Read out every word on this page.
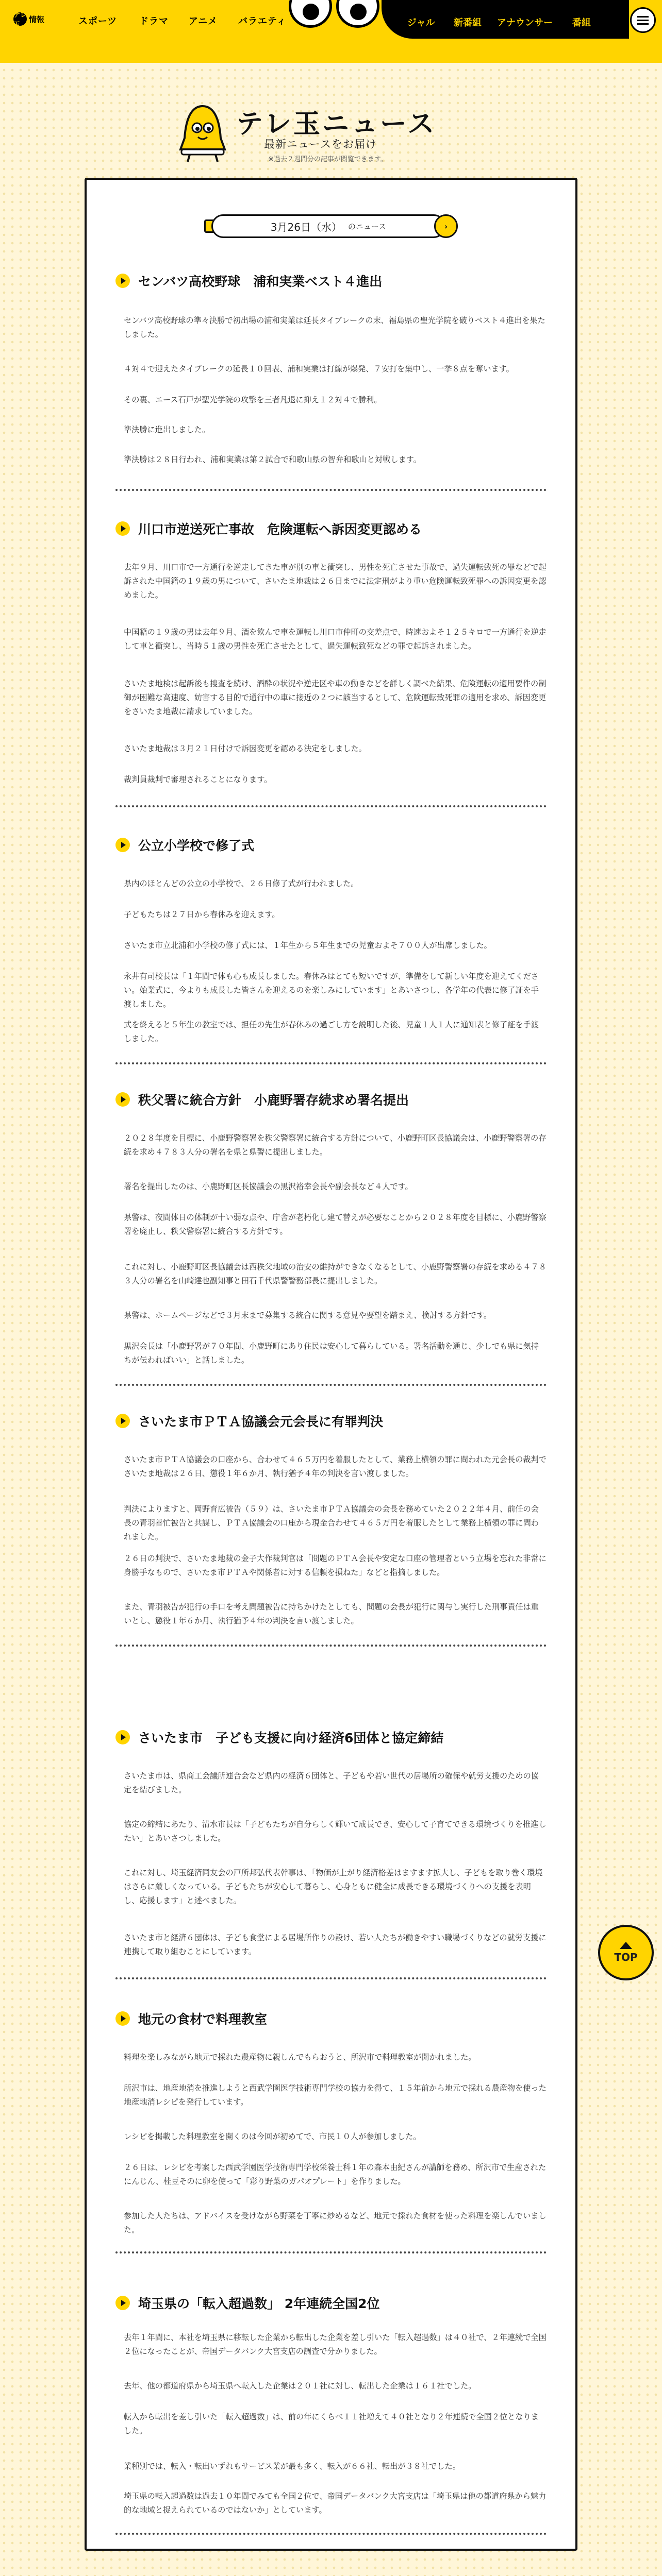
テレ玉
情報	スポーツ ドラマ アニメ バラエティ	ジャル 新番組 アナウンサー 番組
テレ玉ニュース
最新ニュースをお届け
※過去２週間分の記事が閲覧できます。
3月26日（水） のニュース	›
センバツ高校野球　浦和実業ベスト４進出

センバツ高校野球の準々決勝で初出場の浦和実業は延長タイブレークの末、福島県の聖光学院を破りベスト４進出を果たしました。

４対４で迎えたタイブレークの延長１０回表、浦和実業は打線が爆発、７安打を集中し、一挙８点を奪います。

その裏、エース石戸が聖光学院の攻撃を三者凡退に抑え１２対４で勝利。

準決勝に進出しました。

準決勝は２８日行われ、浦和実業は第２試合で和歌山県の智弁和歌山と対戦します。

川口市逆送死亡事故　危険運転へ訴因変更認める

去年９月、川口市で一方通行を逆走してきた車が別の車と衝突し、男性を死亡させた事故で、過失運転致死の罪などで起訴された中国籍の１９歳の男について、さいたま地裁は２６日までに法定刑がより重い危険運転致死罪への訴因変更を認めました。

中国籍の１９歳の男は去年９月、酒を飲んで車を運転し川口市仲町の交差点で、時速およそ１２５キロで一方通行を逆走して車と衝突し、当時５１歳の男性を死亡させたとして、過失運転致死などの罪で起訴されました。

さいたま地検は起訴後も捜査を続け、酒酔の状況や逆走区や車の動きなどを詳しく調べた結果、危険運転の適用要件の制御が困難な高速度、妨害する目的で通行中の車に接近の２つに該当するとして、危険運転致死罪の適用を求め、訴因変更をさいたま地裁に請求していました。

さいたま地裁は３月２１日付けで訴因変更を認める決定をしました。

裁判員裁判で審理されることになります。

公立小学校で修了式

県内のほとんどの公立の小学校で、２６日修了式が行われました。

子どもたちは２７日から春休みを迎えます。

さいたま市立北浦和小学校の修了式には、１年生から５年生までの児童およそ７００人が出席しました。

永井有司校長は「１年間で体も心も成長しました。春休みはとても短いですが、準備をして新しい年度を迎えてください。始業式に、今よりも成長した皆さんを迎えるのを楽しみにしています」とあいさつし、各学年の代表に修了証を手渡しました。

式を終えると５年生の教室では、担任の先生が春休みの過ごし方を説明した後、児童１人１人に通知表と修了証を手渡しました。

秩父署に統合方針　小鹿野署存続求め署名提出

２０２８年度を目標に、小鹿野警察署を秩父警察署に統合する方針について、小鹿野町区長協議会は、小鹿野警察署の存続を求め４７８３人分の署名を県と県警に提出しました。

署名を提出したのは、小鹿野町区長協議会の黒沢裕幸会長や副会長など４人です。

県警は、夜間体日の体制が十い弱な点や、庁舎が老朽化し建て替えが必要なことから２０２８年度を目標に、小鹿野警察署を廃止し、秩父警察署に統合する方針です。

これに対し、小鹿野町区長協議会は西秩父地域の治安の維持ができなくなるとして、小鹿野警察署の存続を求める４７８３人分の署名を山崎達也副知事と田石千代県警警務部長に提出しました。

県警は、ホームページなどで３月末まで募集する統合に関する意見や要望を踏まえ、検討する方針です。

黒沢会長は「小鹿野署が７０年間、小鹿野町にあり住民は安心して暮らしている。署名活動を通じ、少しでも県に気持ちが伝わればいい」と話しました。

さいたま市ＰＴＡ協議会元会長に有罪判決

さいたま市ＰＴＡ協議会の口座から、合わせて４６５万円を着服したとして、業務上横領の罪に問われた元会長の裁判でさいたま地裁は２６日、懲役１年６か月、執行猶予４年の判決を言い渡しました。

判決によりますと、岡野育広被告（５９）は、さいたま市ＰＴＡ協議会の会長を務めていた２０２２年４月、前任の会長の青羽善忙被告と共謀し、ＰＴＡ協議会の口座から現金合わせて４６５万円を着服したとして業務上横領の罪に問われました。

２６日の判決で、さいたま地裁の金子大作裁判官は「問題のＰＴＡ会長や安定な口座の管理者という立場を忘れた非常に身勝手なもので、さいたま市ＰＴＡや関係者に対する信頼を損ねた」などと指摘しました。

また、青羽被告が犯行の手口を考え問題被告に持ちかけたとしても、問題の会長が犯行に関与し実行した刑事責任は重いとし、懲役１年６か月、執行猶予４年の判決を言い渡しました。

さいたま市　子ども支援に向け経済6団体と協定締結

さいたま市は、県商工会議所連合会など県内の経済６団体と、子どもや若い世代の居場所の確保や就労支援のための協定を結びました。

協定の締結にあたり、清水市長は「子どもたちが自分らしく輝いて成長でき、安心して子育てできる環境づくりを推進したい」とあいさつしました。

これに対し、埼玉経済同友会の戸所邦弘代表幹事は、「物価が上がり経済格差はますます拡大し、子どもを取り巻く環境はさらに厳しくなっている。子どもたちが安心して暮らし、心身ともに健全に成長できる環境づくりへの支援を表明し、応援します」と述べました。

さいたま市と経済６団体は、子ども食堂による居場所作りの設け、若い人たちが働きやすい職場づくりなどの就労支援に連携して取り組むことにしています。

地元の食材で料理教室

料理を楽しみながら地元で採れた農産物に親しんでもらおうと、所沢市で料理教室が開かれました。

所沢市は、地産地消を推進しようと西武学園医学技術専門学校の協力を得て、１５年前から地元で採れる農産物を使った地産地消レシピを発行しています。

レシピを掲載した料理教室を開くのは今回が初めてで、市民１０人が参加しました。

２６日は、レシピを考案した西武学園医学技術専門学校栄養士科１年の森本由紀さんが講師を務め、所沢市で生産されたにんじん、桂豆そのに卵を使って「彩り野菜のガパオプレート」を作りました。

参加した人たちは、アドバイスを受けながら野菜を丁寧に炒めるなど、地元で採れた食材を使った料理を楽しんでいました。

埼玉県の「転入超過数」 2年連続全国2位

去年１年間に、本社を埼玉県に移転した企業から転出した企業を差し引いた「転入超過数」は４０社で、２年連続で全国２位になったことが、帝国データバンク大宮支店の調査で分かりました。

去年、他の都道府県から埼玉県へ転入した企業は２０１社に対し、転出した企業は１６１社でした。

転入から転出を差し引いた「転入超過数」は、前の年にくらべ１１社増えて４０社となり２年連続で全国２位となりました。

業種別では、転入・転出いずれもサービス業が最も多く、転入が６６社、転出が３８社でした。

埼玉県の転入超過数は過去１０年間でみても全国２位で、帝国データバンク大宮支店は「埼玉県は他の都道府県から魅力的な地域と捉えられているのではないか」としています。

TOP
